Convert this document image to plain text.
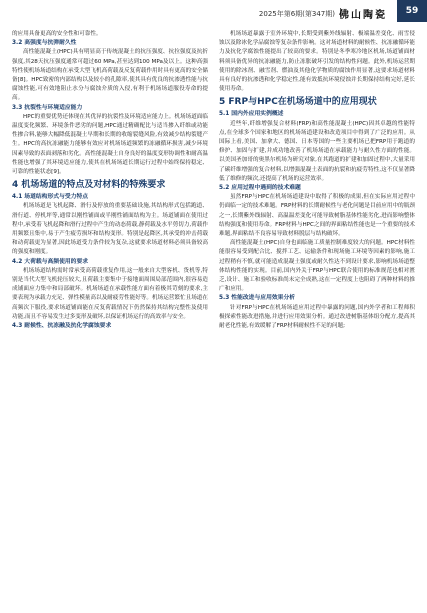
2025年第6期(第347期) 佛山陶瓷	59

的应用具备更高的安全性和可靠性。

3.2 高强度与抗弹耐久性

高性能混凝土(HPC)具有明显高于传统混凝土的抗压强度、抗拉强度及抗折强度,其28天抗压强度通常可超过60 MPa,甚至达到100 MPa及以上。这种高强特性使机场场道结构在承受大型飞机高荷载及反复荷载作用时具有更高的安全储备[8]。HPC致密的内部结构以及较小的孔隙率,使其具有优良的抗渗透性能与抗腐蚀性能,可有效地阻止水分与腐蚀介质的入侵,有利于机场场道服役寿命的提高。

3.3 抗裂性与环境适应能力

HPC的重要优势还体现在其优异的抗裂性及环境适应能力上。机场场道面临温度变化频繁、环境条件恶劣的问题,HPC通过精确配比与适当掺入纤维或功能性掺合料,能够大幅降低混凝土早期和长期的收缩裂缝风险,有效减少结构裂缝产生。HPC的高抗冻融能力能够有效应对机场场道频繁的冻融循环损害,减少环境因素导致的表面剥落和劣化。高性能混凝土自身良好的温度变形协调性和耐高温性能也增强了其环境适应能力,使其在机场场道长期运行过程中始终保持稳定、可靠的性能状态[9]。

4 机场场道的特点及对材料的特殊要求
4.1 场道结构形式与受力特点

机场场道是飞机起降、滑行及停放的重要基础设施,其结构形式包括跑道、滑行道、停机坪等,通常以刚性铺面或半刚性铺面结构为主。场道铺面在使用过程中,承受着飞机起降和滑行过程中产生的动态荷载,静荷载及水平剪切力,荷载作用频繁且集中,易于产生疲劳损坏和结构变形。特别是起降区,其承受的冲击荷载和动荷载更为显著,因此场道受力条件较为复杂,这就要求场道材料必须具备较高的强度和刚度。

4.2 大荷载与高频使用的要求

机场场道结构需时常承受高荷载重复作用,这一般来自大型客机、货机等,特别是当代大型飞机轮压较大,且荷载主要集中于接地面周围局部范围内,很容易造成铺面应力集中和局部破坏。机场场道在承载性能方面有着极其苛刻的要求,主要表现为承载力充足、弹性模量高以及耐疲劳性能好等。机场运营繁忙且场道在高频次下服役,要求场道铺面能在反复荷载情况下仍然保持其结构完整性及使用功能,而且不容易发生过多变形及破坏,以保证机场运行的高效率与安全。

4.3 耐候性、抗冻融及抗化学腐蚀要求

机场场道暴露于室外环境中,长期受到紫外线辐射、极端温差变化、雨雪侵蚀以及除冰化学品腐蚀等复杂条件影响。这对场道材料的耐候性、抗冻融循环能力及抗化学腐蚀性能提出了较高的要求。特别是冬季寒冷地区机场,场道铺面材料须具备优异的抗冻融能力,防止冻胀破坏引发的结构性问题。此外,机场运营期使用的除冰剂、融雪剂、燃油及其他化学物质的腐蚀作用显著,这要求场道材料具有良好的抗渗透和化学稳定性,能有效抵抗环境侵蚀并长期保持结构完好,延长使用寿命。

5 FRP与HPC在机场场道中的应用现状
5.1 国内外应用实例概述

近些年,纤维增强复合材料(FRP)和高性能混凝土(HPC)因其卓越的性能特点,在全球多个国家和地区的机场场道建设和改造项目中得到了广泛的应用。从国际上看,美国、加拿大、德国、日本等国的一些主要机场已把FRP用于跑道的修护、加固与扩建,并成功地改善了机场场道在承载能力与耐久性方面的性能。以美国圣加哥的奥黑尔机场为研究对象,在其跑道的扩建和加固过程中,大量采用了碳纤维增强的复合材料,以增强混凝土表面的抗裂和抗疲劳特性,这不仅显著降低了维修的频次,还提高了机场的运营效率。

5.2 应用过程中遇到的技术难题

虽然FRP与HPC在机场场道建设中取得了积极的成果,但在实际应用过程中仍面临一定的技术难题。FRP材料的长期耐候性与老化问题是目前应用中的瓶颈之一,长期紫外线辐射、高温温差变化可能导致树脂基体性能劣化,进而影响整体结构强度和使用寿命。FRP材料与HPC之间的界面粘结性能也是一个重要的技术难题,界面粘结不良容易导致材料脱层与结构破坏。

高性能混凝土(HPC)自身也面临施工质量控制难度较大的问题。HPC材料性能很容易受到配合比、搅拌工艺、运输条件和现场施工环境等因素的影响,施工过程稍有不慎,就可能造成混凝土强度或耐久性达不到设计要求,影响机场场道整体结构性能的实现。目前,国内外关于FRP与HPC联合使用的标准规范也相对匮乏,设计、施工和验收标准尚未完全成熟,这在一定程度上也阻碍了两种材料的推广和应用。

5.3 性能改进与应用效果分析

针对FRP与HPC在机场场道应用过程中暴露的问题,国内外学者和工程师积极探索性能改进措施,并进行应用效果分析。通过改进树脂基体组分配方,提高其耐老化性能,有效缓解了FRP材料耐候性不足的问题;
